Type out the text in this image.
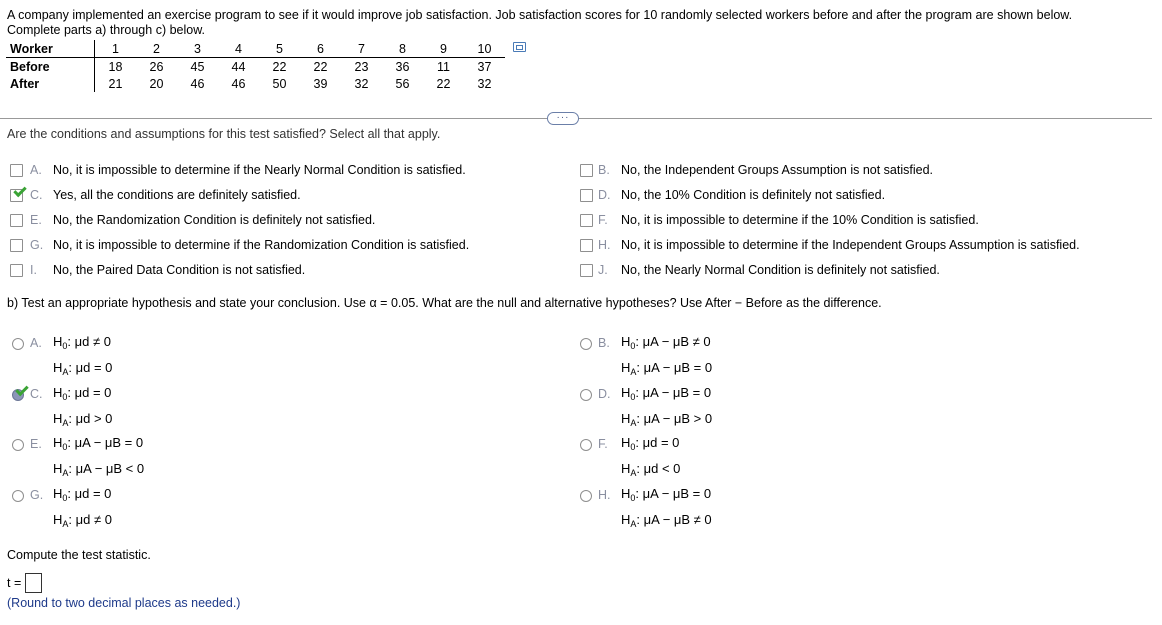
A company implemented an exercise program to see if it would improve job satisfaction. Job satisfaction scores for 10 randomly selected workers before and after the program are shown below.
Complete parts a) through c) below.
Worker	1	2	3	4	5	6	7	8	9	10
Before	18	26	45	44	22	22	23	36	11	37
After	21	20	46	46	50	39	32	56	22	32
···
Are the conditions and assumptions for this test satisfied? Select all that apply.
A. No, it is impossible to determine if the Nearly Normal Condition is satisfied.	B. No, the Independent Groups Assumption is not satisfied.
C. Yes, all the conditions are definitely satisfied.	D. No, the 10% Condition is definitely not satisfied.
E. No, the Randomization Condition is definitely not satisfied.	F. No, it is impossible to determine if the 10% Condition is satisfied.
G. No, it is impossible to determine if the Randomization Condition is satisfied.	H. No, it is impossible to determine if the Independent Groups Assumption is satisfied.
I. No, the Paired Data Condition is not satisfied.	J. No, the Nearly Normal Condition is definitely not satisfied.
b) Test an appropriate hypothesis and state your conclusion. Use α = 0.05. What are the null and alternative hypotheses? Use After − Before as the difference.
A. $H_0$: μd ≠ 0
$H_A$: μd = 0
B. $H_0$: μA − μB ≠ 0
$H_A$: μA − μB = 0
C. $H_0$: μd = 0
$H_A$: μd > 0
D. $H_0$: μA − μB = 0
$H_A$: μA − μB > 0
E. $H_0$: μA − μB = 0
$H_A$: μA − μB < 0
F. $H_0$: μd = 0
$H_A$: μd < 0
G. $H_0$: μd = 0
$H_A$: μd ≠ 0
H. $H_0$: μA − μB = 0
$H_A$: μA − μB ≠ 0
Compute the test statistic.
t =
(Round to two decimal places as needed.)
